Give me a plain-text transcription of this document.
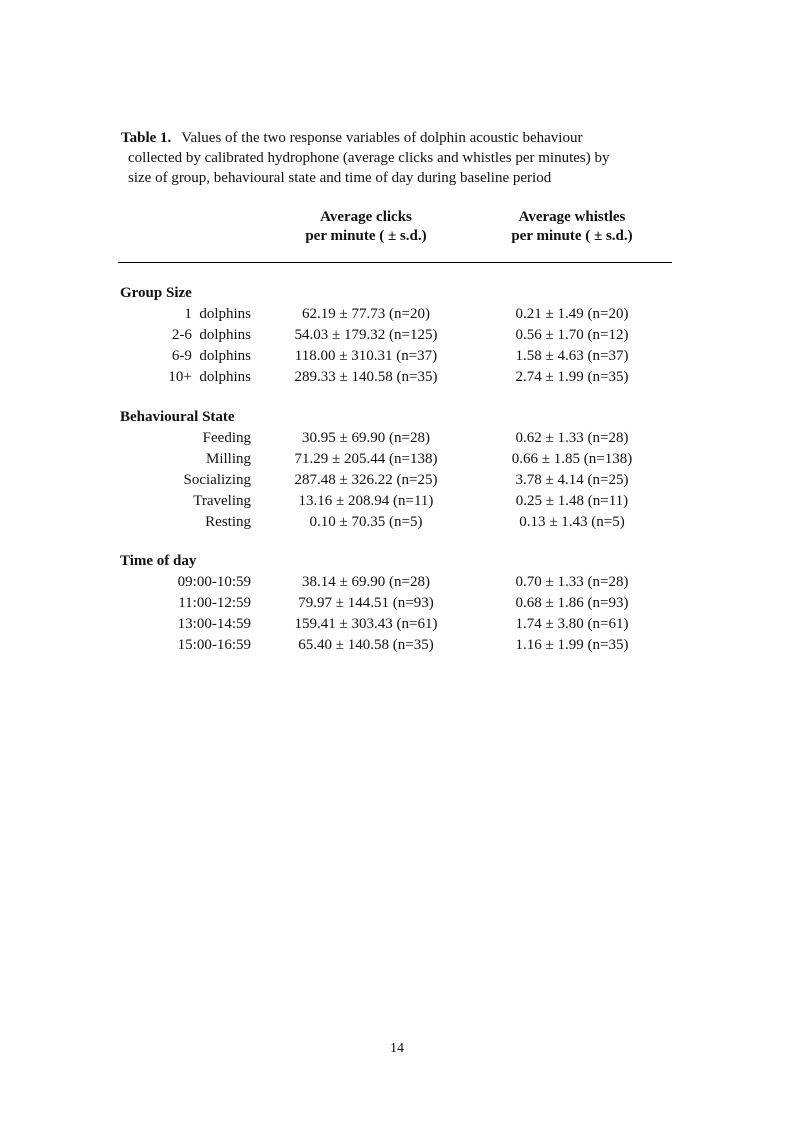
Table 1. Values of the two response variables of dolphin acoustic behaviour
collected by calibrated hydrophone (average clicks and whistles per minutes) by
size of group, behavioural state and time of day during baseline period
Average clicks
per minute ( ± s.d.)
Average whistles
per minute ( ± s.d.)
Group Size
1  dolphins	62.19 ± 77.73 (n=20)	0.21 ± 1.49 (n=20)
2-6  dolphins	54.03 ± 179.32 (n=125)	0.56 ± 1.70 (n=12)
6-9  dolphins	118.00 ± 310.31 (n=37)	1.58 ± 4.63 (n=37)
10+  dolphins	289.33 ± 140.58 (n=35)	2.74 ± 1.99 (n=35)
Behavioural State
Feeding	30.95 ± 69.90 (n=28)	0.62 ± 1.33 (n=28)
Milling	71.29 ± 205.44 (n=138)	0.66 ± 1.85 (n=138)
Socializing	287.48 ± 326.22 (n=25)	3.78 ± 4.14 (n=25)
Traveling	13.16 ± 208.94 (n=11)	0.25 ± 1.48 (n=11)
Resting	0.10 ± 70.35 (n=5)	0.13 ± 1.43 (n=5)
Time of day
09:00-10:59	38.14 ± 69.90 (n=28)	0.70 ± 1.33 (n=28)
11:00-12:59	79.97 ± 144.51 (n=93)	0.68 ± 1.86 (n=93)
13:00-14:59	159.41 ± 303.43 (n=61)	1.74 ± 3.80 (n=61)
15:00-16:59	65.40 ± 140.58 (n=35)	1.16 ± 1.99 (n=35)
14
